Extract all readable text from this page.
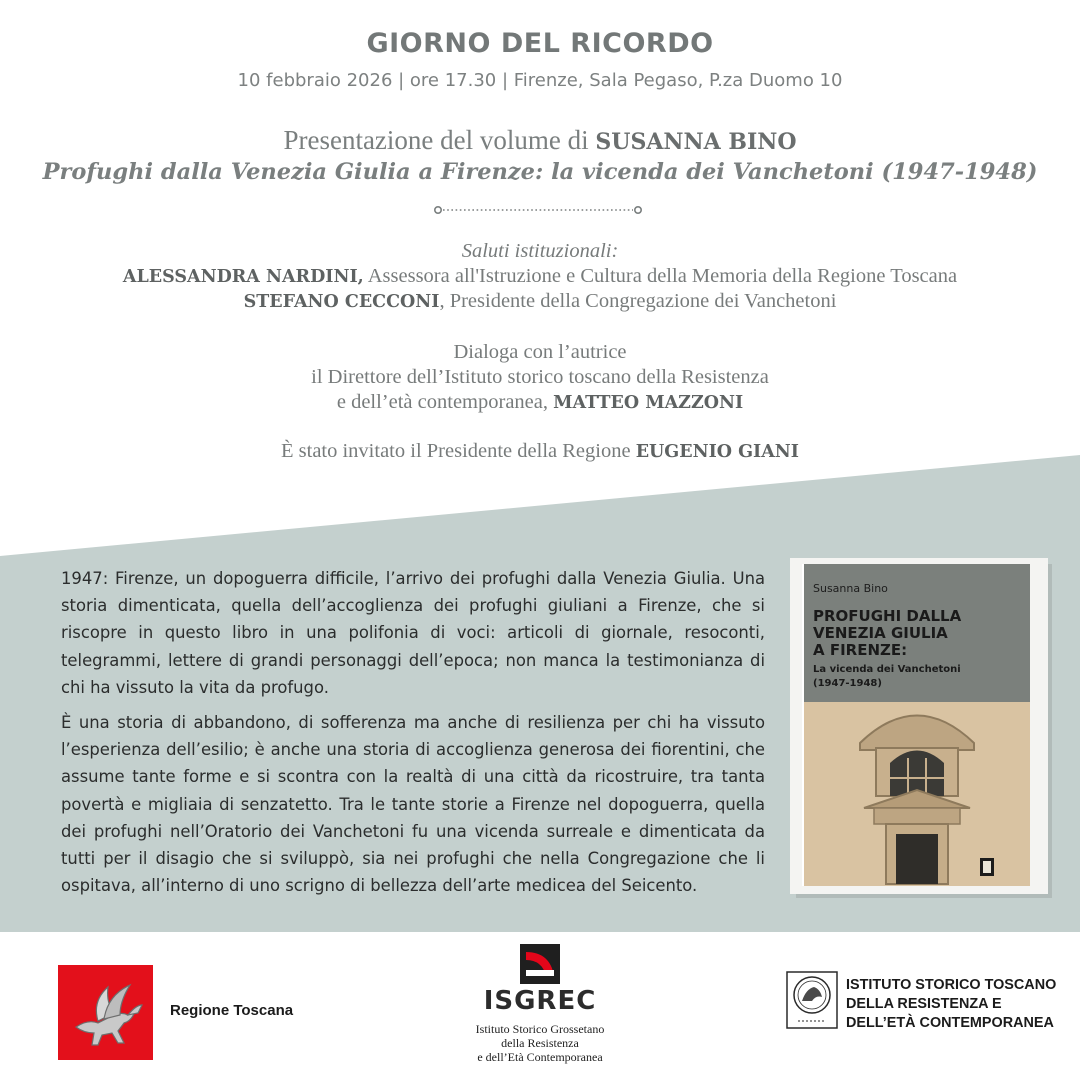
GIORNO DEL RICORDO
10 febbraio 2026 | ore 17.30 | Firenze, Sala Pegaso, P.za Duomo 10
Presentazione del volume di SUSANNA BINO
Profughi dalla Venezia Giulia a Firenze: la vicenda dei Vanchetoni (1947-1948)
Saluti istituzionali:
ALESSANDRA NARDINI, Assessora all'Istruzione e Cultura della Memoria della Regione Toscana
STEFANO CECCONI, Presidente della Congregazione dei Vanchetoni
Dialoga con l’autrice
il Direttore dell’Istituto storico toscano della Resistenza
e dell’età contemporanea, MATTEO MAZZONI
È stato invitato il Presidente della Regione EUGENIO GIANI

1947: Firenze, un dopoguerra difficile, l’arrivo dei profughi dalla Venezia Giulia. Una storia dimenticata, quella dell’accoglienza dei profughi giuliani a Firenze, che si riscopre in questo libro in una polifonia di voci: articoli di giornale, resoconti, telegrammi, lettere di grandi personaggi dell’epoca; non manca la testimonianza di chi ha vissuto la vita da profugo.

È una storia di abbandono, di sofferenza ma anche di resilienza per chi ha vissuto l’esperienza dell’esilio; è anche una storia di accoglienza generosa dei fiorentini, che assume tante forme e si scontra con la realtà di una città da ricostruire, tra tanta povertà e migliaia di senzatetto. Tra le tante storie a Firenze nel dopoguerra, quella dei profughi nell’Oratorio dei Vanchetoni fu una vicenda surreale e dimenticata da tutti per il disagio che si sviluppò, sia nei profughi che nella Congregazione che li ospitava, all’interno di uno scrigno di bellezza dell’arte medicea del Seicento.

Susanna Bino
PROFUGHI DALLA
VENEZIA GIULIA
A FIRENZE:
La vicenda dei Vanchetoni
(1947-1948)
Regione Toscana	ISGREC
Istituto Storico Grossetano
della Resistenza
e dell’Età Contemporanea
ISTITUTO STORICO TOSCANO
DELLA RESISTENZA E
DELL’ETÀ CONTEMPORANEA
